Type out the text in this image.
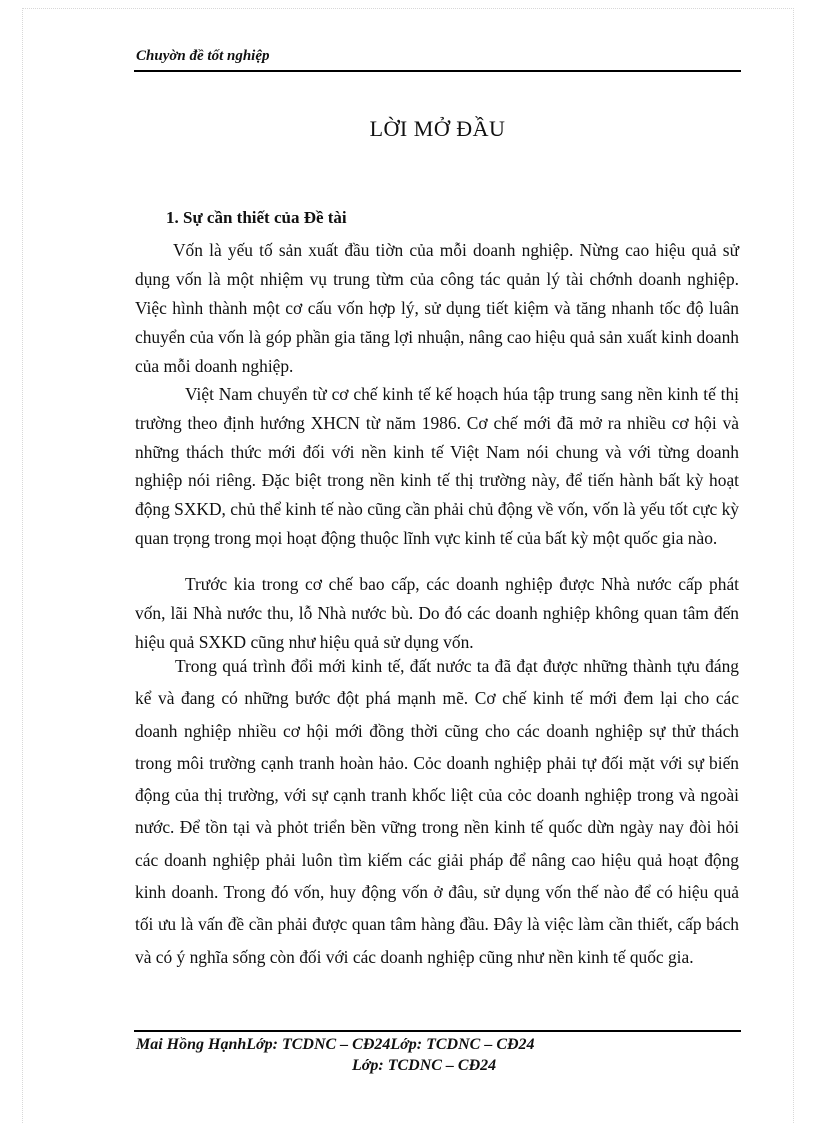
Chuyờn đề tốt nghiệp
LỜI MỞ ĐẦU
1. Sự cần thiết của Đề tài

Vốn là yếu tố sản xuất đầu tiờn của mỗi doanh nghiệp. Nừng cao hiệu quả sử dụng vốn là một nhiệm vụ trung từm của công tác quản lý tài chớnh doanh nghiệp. Việc hình thành một cơ cấu vốn hợp lý, sử dụng tiết kiệm và tăng nhanh tốc độ luân chuyển của vốn là góp phần gia tăng lợi nhuận, nâng cao hiệu quả sản xuất kinh doanh của mỗi doanh nghiệp.

Việt Nam chuyển từ cơ chế kinh tế kế hoạch húa tập trung sang nền kinh tế thị trường theo định hướng XHCN từ năm 1986. Cơ chế mới đã mở ra nhiều cơ hội và những thách thức mới đối với nền kinh tế Việt Nam nói chung và với từng doanh nghiệp nói riêng. Đặc biệt trong nền kinh tế thị trường này, để tiến hành bất kỳ hoạt động SXKD, chủ thể kinh tế nào cũng cần phải chủ động về vốn, vốn là yếu tốt cực kỳ quan trọng trong mọi hoạt động thuộc lĩnh vực kinh tế của bất kỳ một quốc gia nào.

Trước kia trong cơ chế bao cấp, các doanh nghiệp được Nhà nước cấp phát vốn, lãi Nhà nước thu, lỗ Nhà nước bù. Do đó các doanh nghiệp không quan tâm đến hiệu quả SXKD cũng như hiệu quả sử dụng vốn.

Trong quá trình đổi mới kinh tế, đất nước ta đã đạt được những thành tựu đáng kể và đang có những bước đột phá mạnh mẽ. Cơ chế kinh tế mới đem lại cho các doanh nghiệp nhiều cơ hội mới đồng thời cũng cho các doanh nghiệp sự thử thách trong môi trường cạnh tranh hoàn hảo. Cỏc doanh nghiệp phải tự đối mặt với sự biến động của thị trường, với sự cạnh tranh khốc liệt của cỏc doanh nghiệp trong và ngoài nước. Để tồn tại và phỏt triển bền vững trong nền kinh tế quốc dừn ngày nay đòi hỏi các doanh nghiệp phải luôn tìm kiếm các giải pháp để nâng cao hiệu quả hoạt động kinh doanh. Trong đó vốn, huy động vốn ở đâu, sử dụng vốn thế nào để có hiệu quả tối ưu là vấn đề cần phải được quan tâm hàng đầu. Đây là việc làm cần thiết, cấp bách và có ý nghĩa sống còn đối với các doanh nghiệp cũng như nền kinh tế quốc gia.

Mai Hồng HạnhLớp: TCDNC – CĐ24Lớp: TCDNC – CĐ24
Lớp: TCDNC – CĐ24
